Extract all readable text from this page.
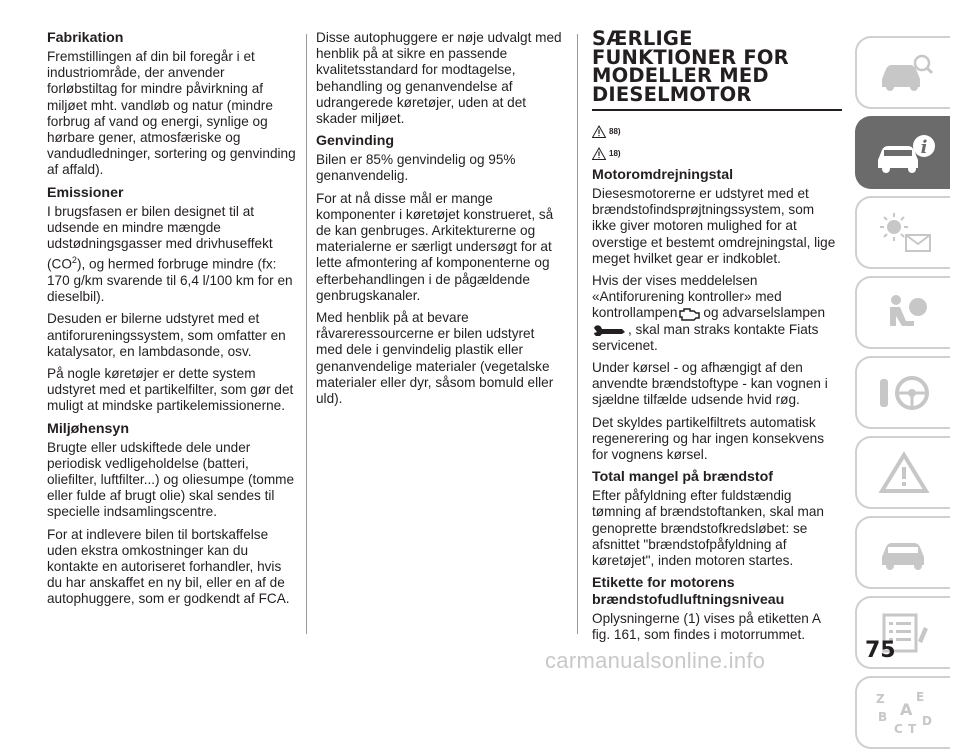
Fabrikation

Fremstillingen af din bil foregår i et industriområde, der anvender forløbstiltag for mindre påvirkning af miljøet mht. vandløb og natur (mindre forbrug af vand og energi, synlige og hørbare gener, atmosfæriske og vandudledninger, sortering og genvinding af affald).

Emissioner

I brugsfasen er bilen designet til at udsende en mindre mængde udstødningsgasser med drivhuseffekt $(CO^2)$, og hermed forbruge mindre (fx: 170 g/km svarende til 6,4 l/100 km for en dieselbil).

Desuden er bilerne udstyret med et antiforureningssystem, som omfatter en katalysator, en lambdasonde, osv.

På nogle køretøjer er dette system udstyret med et partikelfilter, som gør det muligt at mindske partikelemissionerne.

Miljøhensyn

Brugte eller udskiftede dele under periodisk vedligeholdelse (batteri, oliefilter, luftfilter...) og oliesumpe (tomme eller fulde af brugt olie) skal sendes til specielle indsamlingscentre.

For at indlevere bilen til bortskaffelse uden ekstra omkostninger kan du kontakte en autoriseret forhandler, hvis du har anskaffet en ny bil, eller en af de autophuggere, som er godkendt af FCA.

Disse autophuggere er nøje udvalgt med henblik på at sikre en passende kvalitetsstandard for modtagelse, behandling og genanvendelse af udrangerede køretøjer, uden at det skader miljøet.

Genvinding

Bilen er 85% genvindelig og 95% genanvendelig.

For at nå disse mål er mange komponenter i køretøjet konstrueret, så de kan genbruges. Arkitekturerne og materialerne er særligt undersøgt for at lette afmontering af komponenterne og efterbehandlingen i de pågældende genbrugskanaler.

Med henblik på at bevare råvareressourcerne er bilen udstyret med dele i genvindelig plastik eller genanvendelige materialer (vegetalske materialer eller dyr, såsom bomuld eller uld).

SÆRLIGE
FUNKTIONER FOR
MODELLER MED
DIESELMOTOR
88)
18)
Motoromdrejningstal

Diesesmotorerne er udstyret med et brændstofindsprøjtningssystem, som ikke giver motoren mulighed for at overstige et bestemt omdrejningstal, lige meget hvilket gear er indkoblet.

Hvis der vises meddelelsen «Antiforurening kontroller» med kontrollampen og advarselslampen
, skal man straks kontakte Fiats servicenet.

Under kørsel - og afhængigt af den anvendte brændstoftype - kan vognen i sjældne tilfælde udsende hvid røg.

Det skyldes partikelfiltrets automatisk regenerering og har ingen konsekvens for vognens kørsel.

Total mangel på brændstof

Efter påfyldning efter fuldstændig tømning af brændstoftanken, skal man genoprette brændstofkredsløbet: se afsnittet "brændstofpåfyldning af køretøjet", inden motoren startes.

Etikette for motorens brændstofudluftningsniveau

Oplysningerne (1) vises på etiketten A fig. 161, som findes i motorrummet.

i
Z	E
A
B
C T
D
carmanualsonline.info	75
